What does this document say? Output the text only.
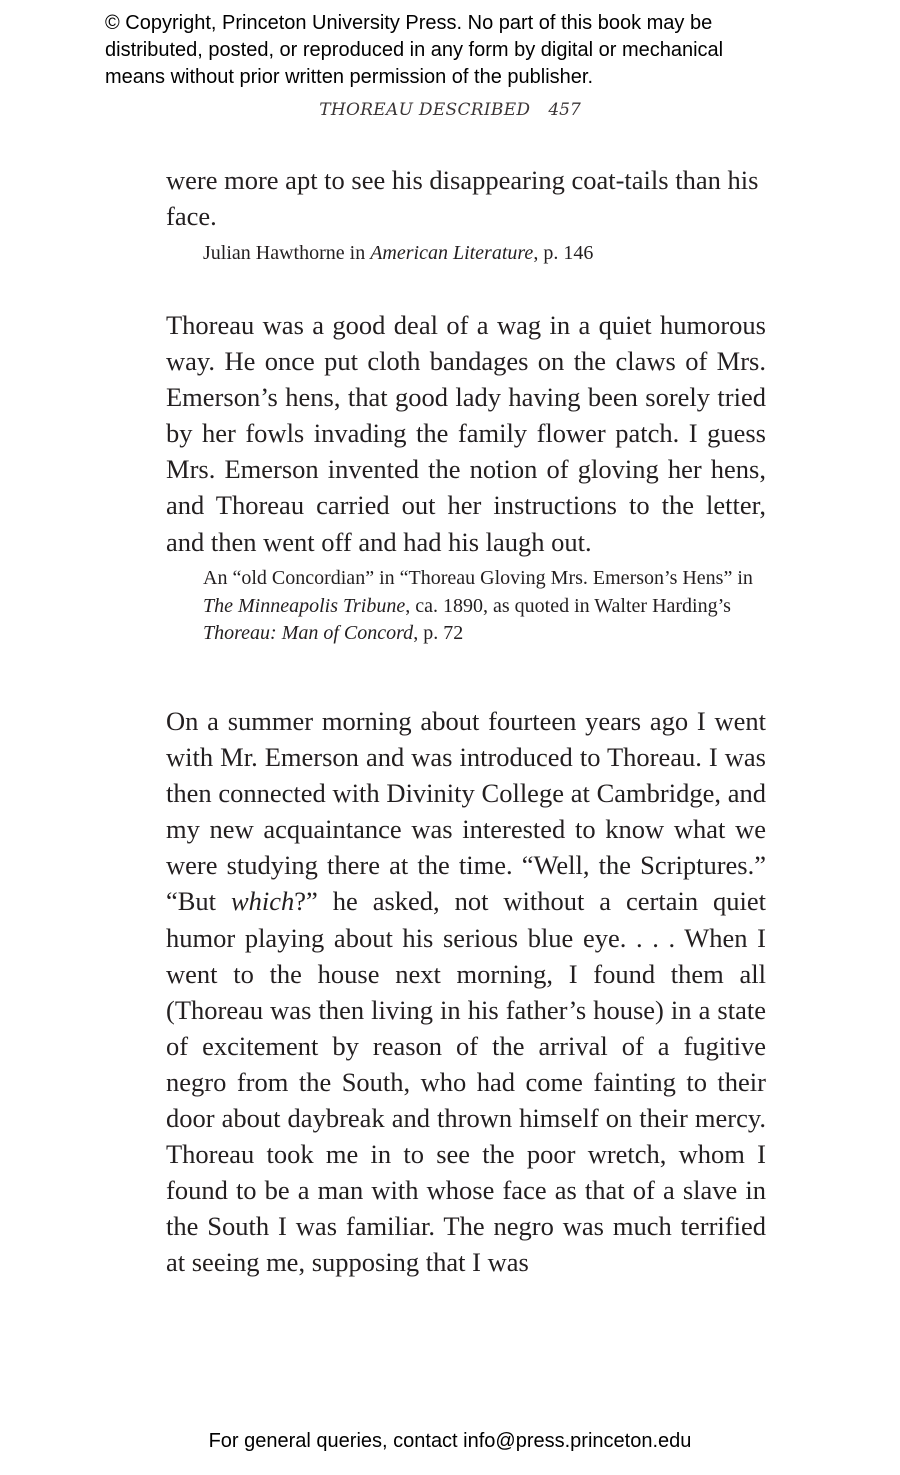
© Copyright, Princeton University Press. No part of this book may be
distributed, posted, or reproduced in any form by digital or mechanical
means without prior written permission of the publisher.
THOREAU DESCRIBED 457
were more apt to see his disappearing coat-tails than his face.
Julian Hawthorne in American Literature, p. 146
Thoreau was a good deal of a wag in a quiet humorous way. He once put cloth bandages on the claws of Mrs. Emerson’s hens, that good lady having been sorely tried by her fowls invading the family flower patch. I guess Mrs. Emerson invented the notion of gloving her hens, and Thoreau carried out her instructions to the letter, and then went off and had his laugh out.
An “old Concordian” in “Thoreau Gloving Mrs. Emerson’s Hens” in The Minneapolis Tribune, ca. 1890, as quoted in Walter Harding’s Thoreau: Man of Concord, p. 72
On a summer morning about fourteen years ago I went with Mr. Emerson and was introduced to Thoreau. I was then connected with Divinity College at Cambridge, and my new acquaintance was interested to know what we were studying there at the time. “Well, the Scriptures.” “But which?” he asked, not without a certain quiet humor playing about his serious blue eye. . . . When I went to the house next morning, I found them all (Thoreau was then living in his father’s house) in a state of excitement by reason of the arrival of a fugitive negro from the South, who had come fainting to their door about daybreak and thrown himself on their mercy. Thoreau took me in to see the poor wretch, whom I found to be a man with whose face as that of a slave in the South I was familiar. The negro was much terrified at seeing me, supposing that I was
For general queries, contact info@press.princeton.edu
